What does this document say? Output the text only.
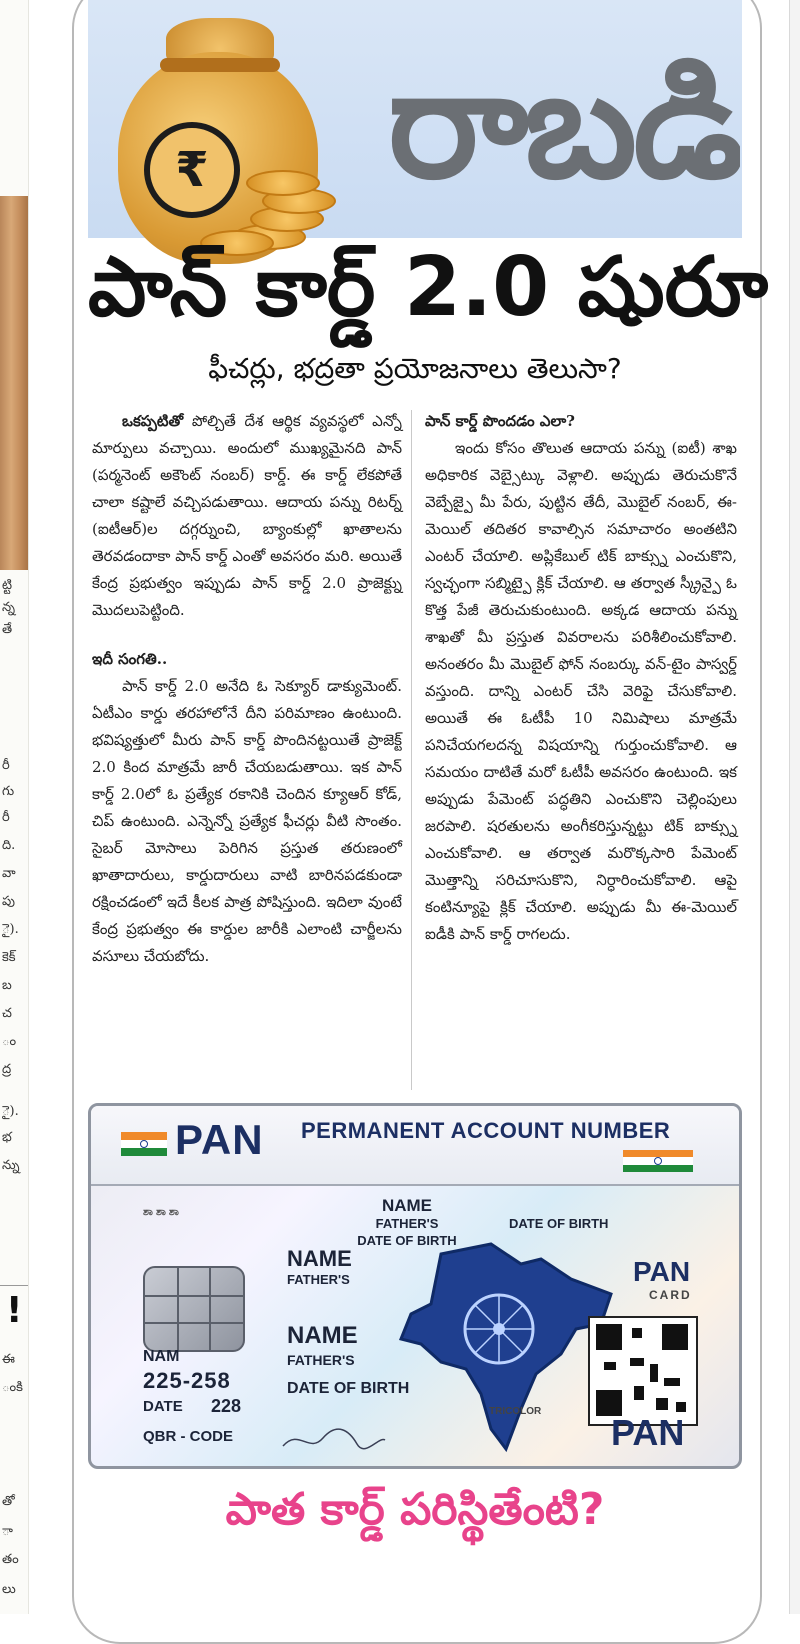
ట్టి
న్న
తే
రీ
గు
రీ
ది.
వా
పు
ై).
కెక్
బ
చ
ం
ద్ర
ై).
భ
న్ను
!
ఈ
ంకి
తో
ా
తం
లు
₹	రాబడి
పాన్ కార్డ్ 2.0 షురూ
ఫీచర్లు, భద్రతా ప్రయోజనాలు తెలుసా?

ఒకప్పటితో పోల్చితే దేశ ఆర్థిక వ్యవస్థలో ఎన్నో మార్పులు వచ్చాయి. అందులో ముఖ్యమైనది పాన్ (పర్మనెంట్ అకౌంట్ నంబర్) కార్డ్. ఈ కార్డ్ లేకపోతే చాలా కష్టాలే వచ్చిపడుతాయి. ఆదాయ పన్ను రిటర్న్ (ఐటీఆర్)ల దగ్గర్నుంచి, బ్యాంకుల్లో ఖాతాలను తెరవడందాకా పాన్ కార్డ్ ఎంతో అవసరం మరి. అయితే కేంద్ర ప్రభుత్వం ఇప్పుడు పాన్ కార్డ్ 2.0 ప్రాజెక్ట్ను మొదలుపెట్టింది.

ఇదీ సంగతి..

పాన్ కార్డ్ 2.0 అనేది ఓ సెక్యూర్ డాక్యుమెంట్. ఏటీఎం కార్డు తరహాలోనే దీని పరిమాణం ఉంటుంది. భవిష్యత్తులో మీరు పాన్ కార్డ్ పొందినట్టయితే ప్రాజెక్ట్ 2.0 కింద మాత్రమే జారీ చేయబడుతాయి. ఇక పాన్ కార్డ్ 2.0లో ఓ ప్రత్యేక రకానికి చెందిన క్యూఆర్ కోడ్, చిప్ ఉంటుంది. ఎన్నెన్నో ప్రత్యేక ఫీచర్లు వీటి సొంతం. సైబర్ మోసాలు పెరిగిన ప్రస్తుత తరుణంలో ఖాతాదారులు, కార్డుదారులు వాటి బారినపడకుండా రక్షించడంలో ఇదే కీలక పాత్ర పోషిస్తుంది. ఇదిలా వుంటే కేంద్ర ప్రభుత్వం ఈ కార్డుల జారీకి ఎలాంటి చార్జీలను వసూలు చేయబోదు.

పాన్ కార్డ్ పొందడం ఎలా?

ఇందు కోసం తొలుత ఆదాయ పన్ను (ఐటీ) శాఖ అధికారిక వెబ్సైట్కు వెళ్లాలి. అప్పుడు తెరుచుకొనే వెబ్పేజ్పై మీ పేరు, పుట్టిన తేదీ, మొబైల్ నంబర్, ఈ-మెయిల్ తదితర కావాల్సిన సమాచారం అంతటిని ఎంటర్ చేయాలి. అప్లికేబుల్ టిక్ బాక్స్ను ఎంచుకొని, స్వచ్ఛంగా సబ్మిట్పై క్లిక్ చేయాలి. ఆ తర్వాత స్క్రీన్పై ఓ కొత్త పేజీ తెరుచుకుంటుంది. అక్కడ ఆదాయ పన్ను శాఖతో మీ ప్రస్తుత వివరాలను పరిశీలించుకోవాలి. అనంతరం మీ మొబైల్ ఫోన్ నంబర్కు వన్-టైం పాస్వర్డ్ వస్తుంది. దాన్ని ఎంటర్ చేసి వెరిఫై చేసుకోవాలి. అయితే ఈ ఓటీపీ 10 నిమిషాలు మాత్రమే పనిచేయగలదన్న విషయాన్ని గుర్తుంచుకోవాలి. ఆ సమయం దాటితే మరో ఓటీపీ అవసరం ఉంటుంది. ఇక అప్పుడు పేమెంట్ పద్ధతిని ఎంచుకొని చెల్లింపులు జరపాలి. షరతులను అంగీకరిస్తున్నట్టు టిక్ బాక్స్ను ఎంచుకోవాలి. ఆ తర్వాత మరొక్కసారి పేమెంట్ మొత్తాన్ని సరిచూసుకొని, నిర్ధారించుకోవాలి. ఆపై కంటిన్యూపై క్లిక్ చేయాలి. అప్పుడు మీ ఈ-మెయిల్ ఐడీకి పాన్ కార్డ్ రాగలదు.

PAN PERMANENT ACCOUNT NUMBER
ಶಾ ಶಾ ಶಾ	NAME
FATHER'S
DATE OF BIRTH
DATE OF BIRTH
NAME
FATHER'S
NAME
FATHER'S
DATE OF BIRTH
PAN
CARD
NAM
225-258
DATE 228
QBR - CODE
TRICOLOR
PAN
పాత కార్డ్ పరిస్థితేంటి?
